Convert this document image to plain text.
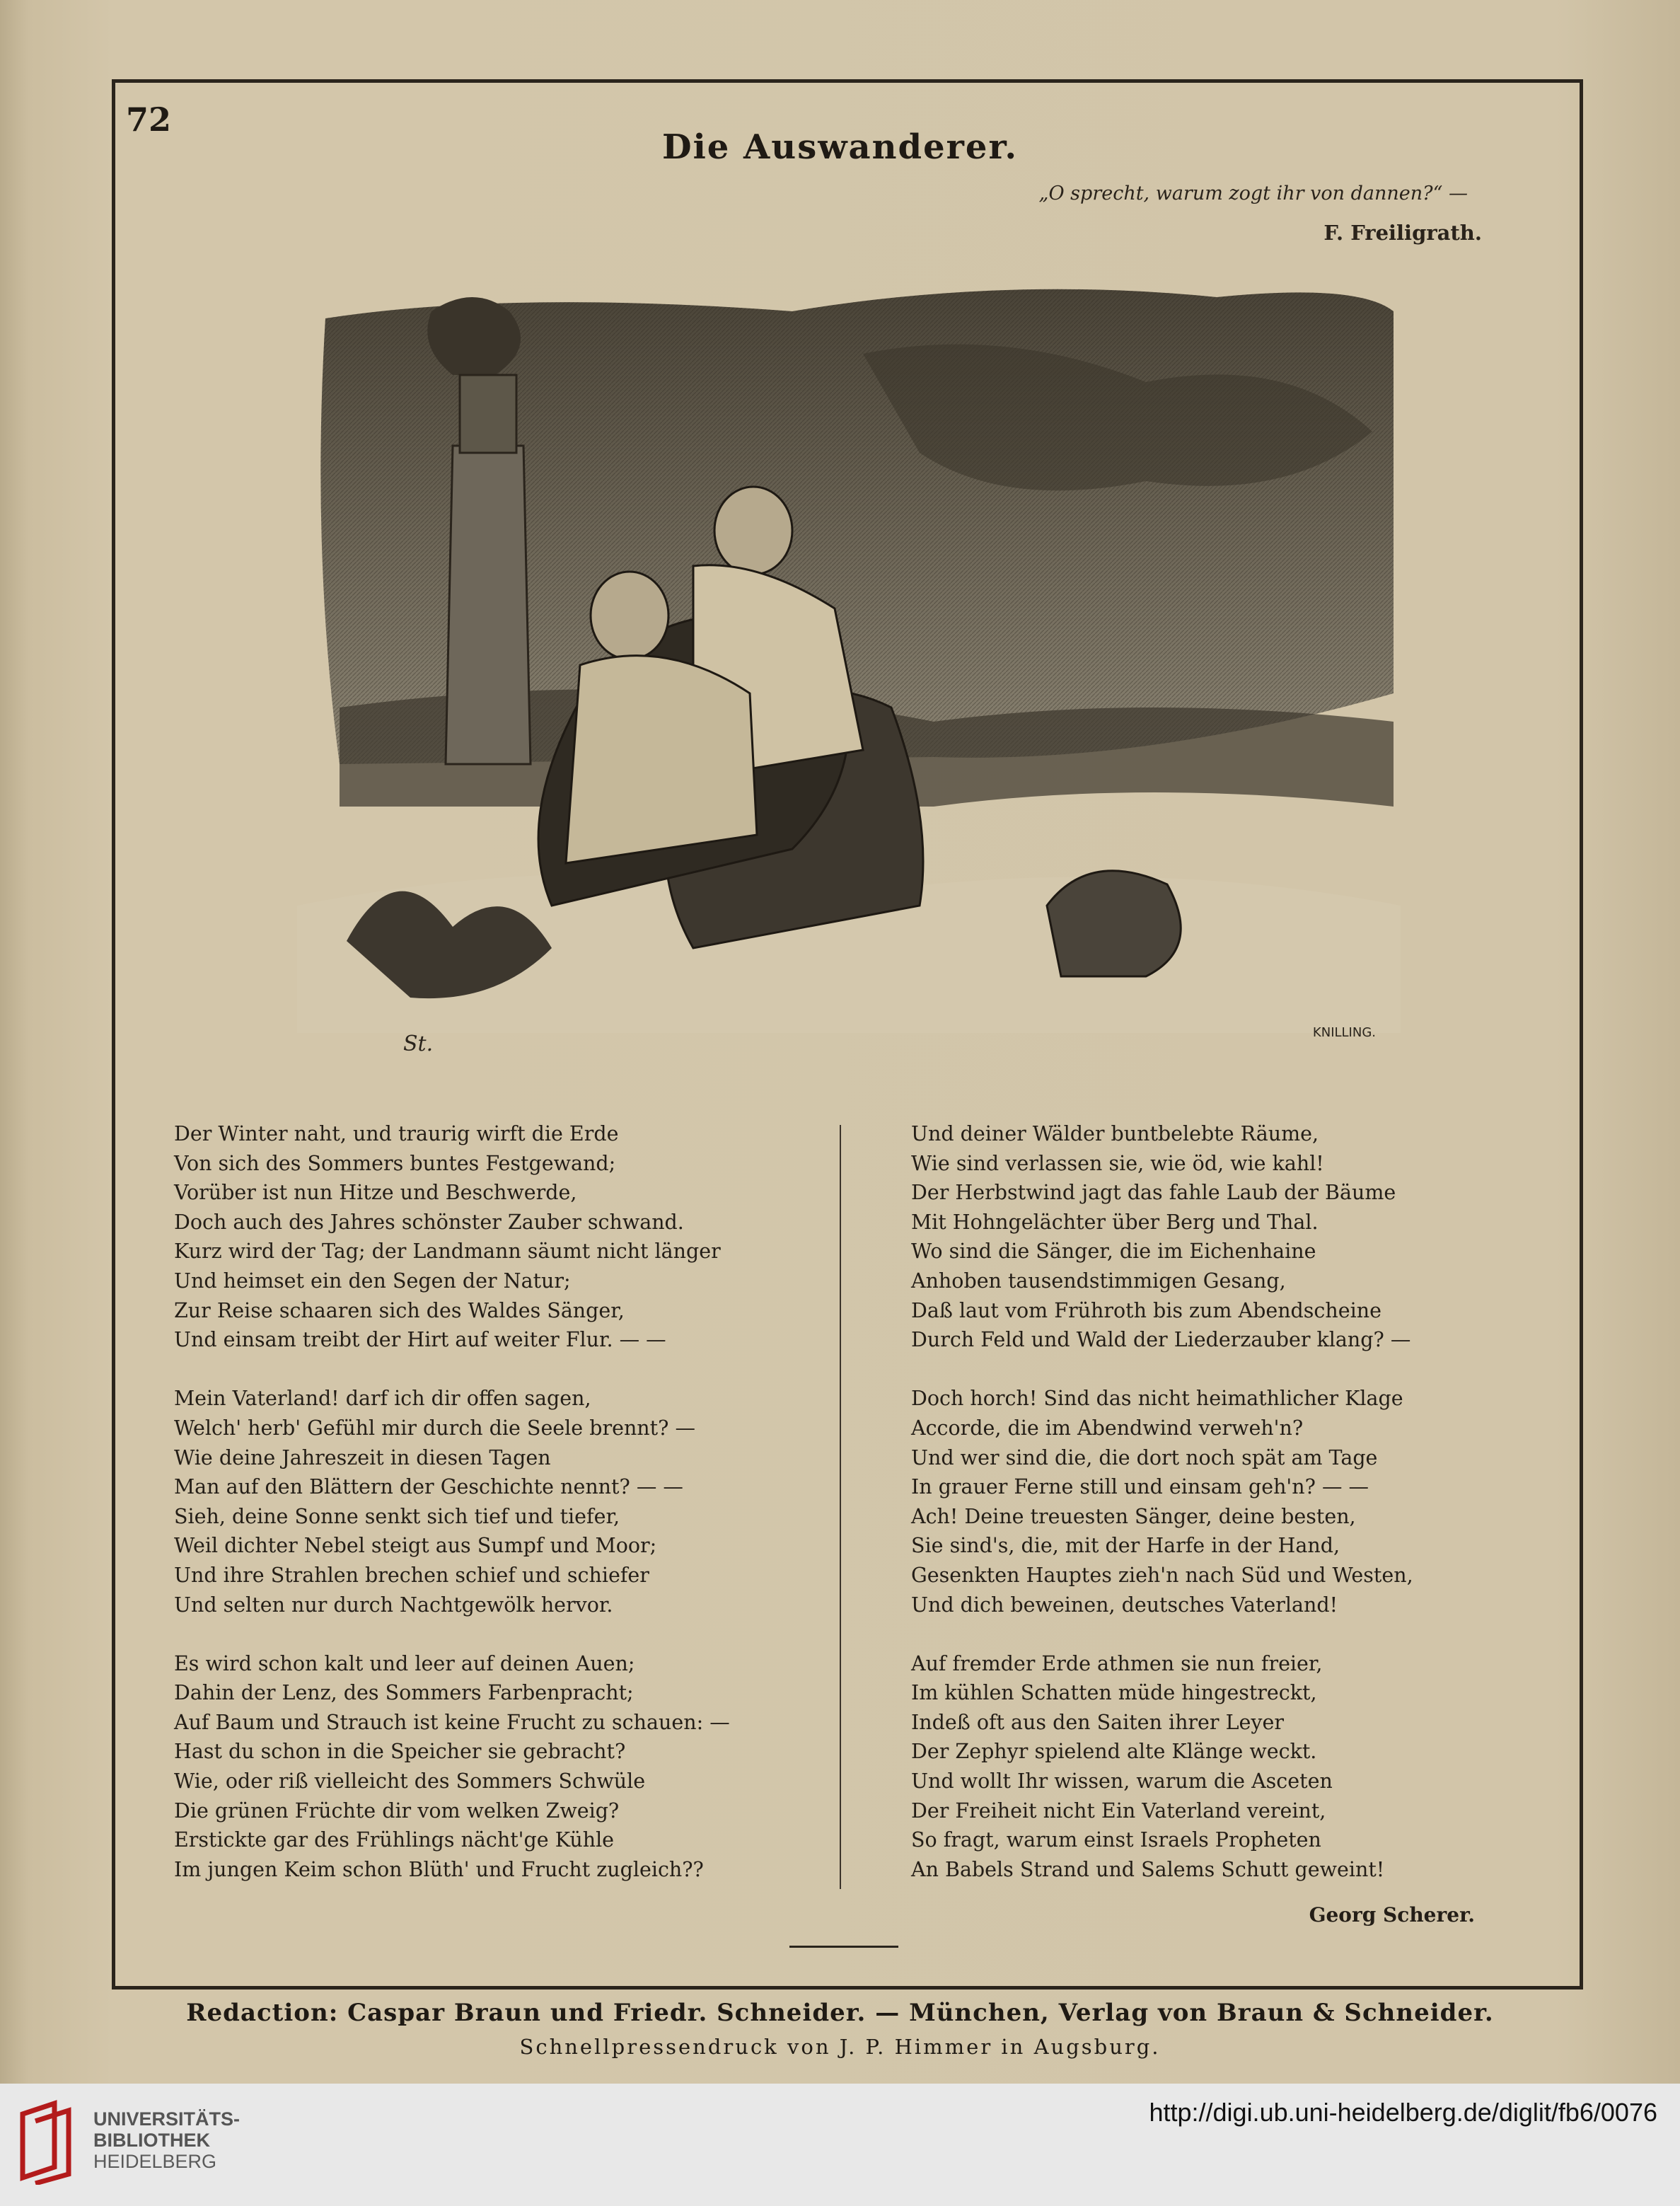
72
Die Auswanderer.
„O sprecht, warum zogt ihr von dannen?“ —
F. Freiligrath.
St.	KNILLING.
Der Winter naht, und traurig wirft die Erde
Von sich des Sommers buntes Festgewand;
Vorüber ist nun Hitze und Beschwerde,
Doch auch des Jahres schönster Zauber schwand.
Kurz wird der Tag; der Landmann säumt nicht länger
Und heimset ein den Segen der Natur;
Zur Reise schaaren sich des Waldes Sänger,
Und einsam treibt der Hirt auf weiter Flur. — —
Mein Vaterland! darf ich dir offen sagen,
Welch' herb' Gefühl mir durch die Seele brennt? —
Wie deine Jahreszeit in diesen Tagen
Man auf den Blättern der Geschichte nennt? — —
Sieh, deine Sonne senkt sich tief und tiefer,
Weil dichter Nebel steigt aus Sumpf und Moor;
Und ihre Strahlen brechen schief und schiefer
Und selten nur durch Nachtgewölk hervor.
Es wird schon kalt und leer auf deinen Auen;
Dahin der Lenz, des Sommers Farbenpracht;
Auf Baum und Strauch ist keine Frucht zu schauen: —
Hast du schon in die Speicher sie gebracht?
Wie, oder riß vielleicht des Sommers Schwüle
Die grünen Früchte dir vom welken Zweig?
Erstickte gar des Frühlings nächt'ge Kühle
Im jungen Keim schon Blüth' und Frucht zugleich??
Und deiner Wälder buntbelebte Räume,
Wie sind verlassen sie, wie öd, wie kahl!
Der Herbstwind jagt das fahle Laub der Bäume
Mit Hohngelächter über Berg und Thal.
Wo sind die Sänger, die im Eichenhaine
Anhoben tausendstimmigen Gesang,
Daß laut vom Frühroth bis zum Abendscheine
Durch Feld und Wald der Liederzauber klang? —
Doch horch! Sind das nicht heimathlicher Klage
Accorde, die im Abendwind verweh'n?
Und wer sind die, die dort noch spät am Tage
In grauer Ferne still und einsam geh'n? — —
Ach! Deine treuesten Sänger, deine besten,
Sie sind's, die, mit der Harfe in der Hand,
Gesenkten Hauptes zieh'n nach Süd und Westen,
Und dich beweinen, deutsches Vaterland!
Auf fremder Erde athmen sie nun freier,
Im kühlen Schatten müde hingestreckt,
Indeß oft aus den Saiten ihrer Leyer
Der Zephyr spielend alte Klänge weckt.
Und wollt Ihr wissen, warum die Asceten
Der Freiheit nicht Ein Vaterland vereint,
So fragt, warum einst Israels Propheten
An Babels Strand und Salems Schutt geweint!
Georg Scherer.
Redaction: Caspar Braun und Friedr. Schneider. — München, Verlag von Braun & Schneider.
Schnellpressendruck von J. P. Himmer in Augsburg.
UNIVERSITÄTS-
BIBLIOTHEK
HEIDELBERG
http://digi.ub.uni-heidelberg.de/diglit/fb6/0076
